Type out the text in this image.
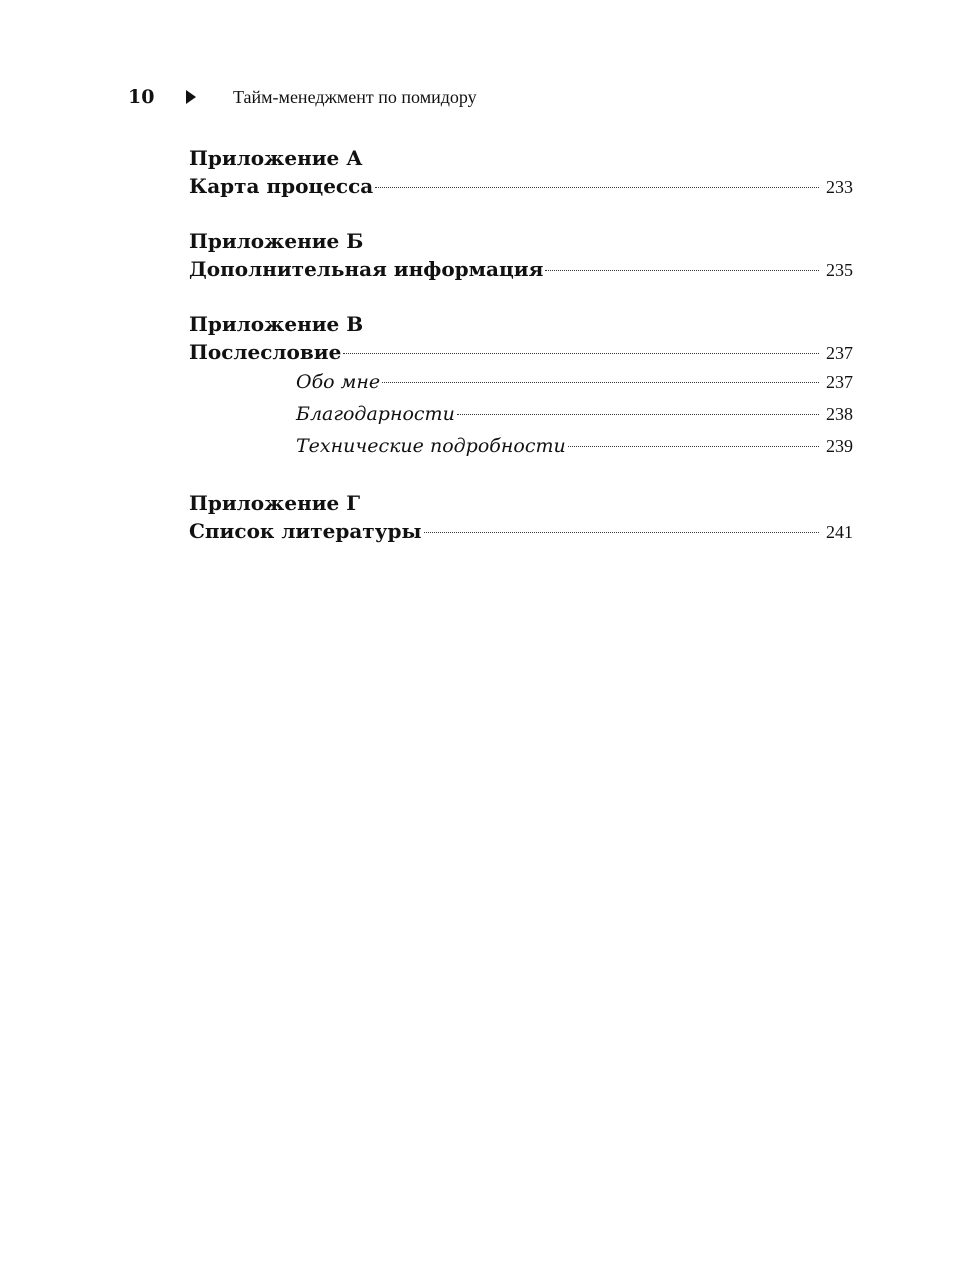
10	Тайм-менеджмент по помидору
Приложение А
Карта процесса	233
Приложение Б
Дополнительная информация	235
Приложение В
Послесловие	237
Обо мне	237
Благодарности	238
Технические подробности	239
Приложение Г
Список литературы	241
